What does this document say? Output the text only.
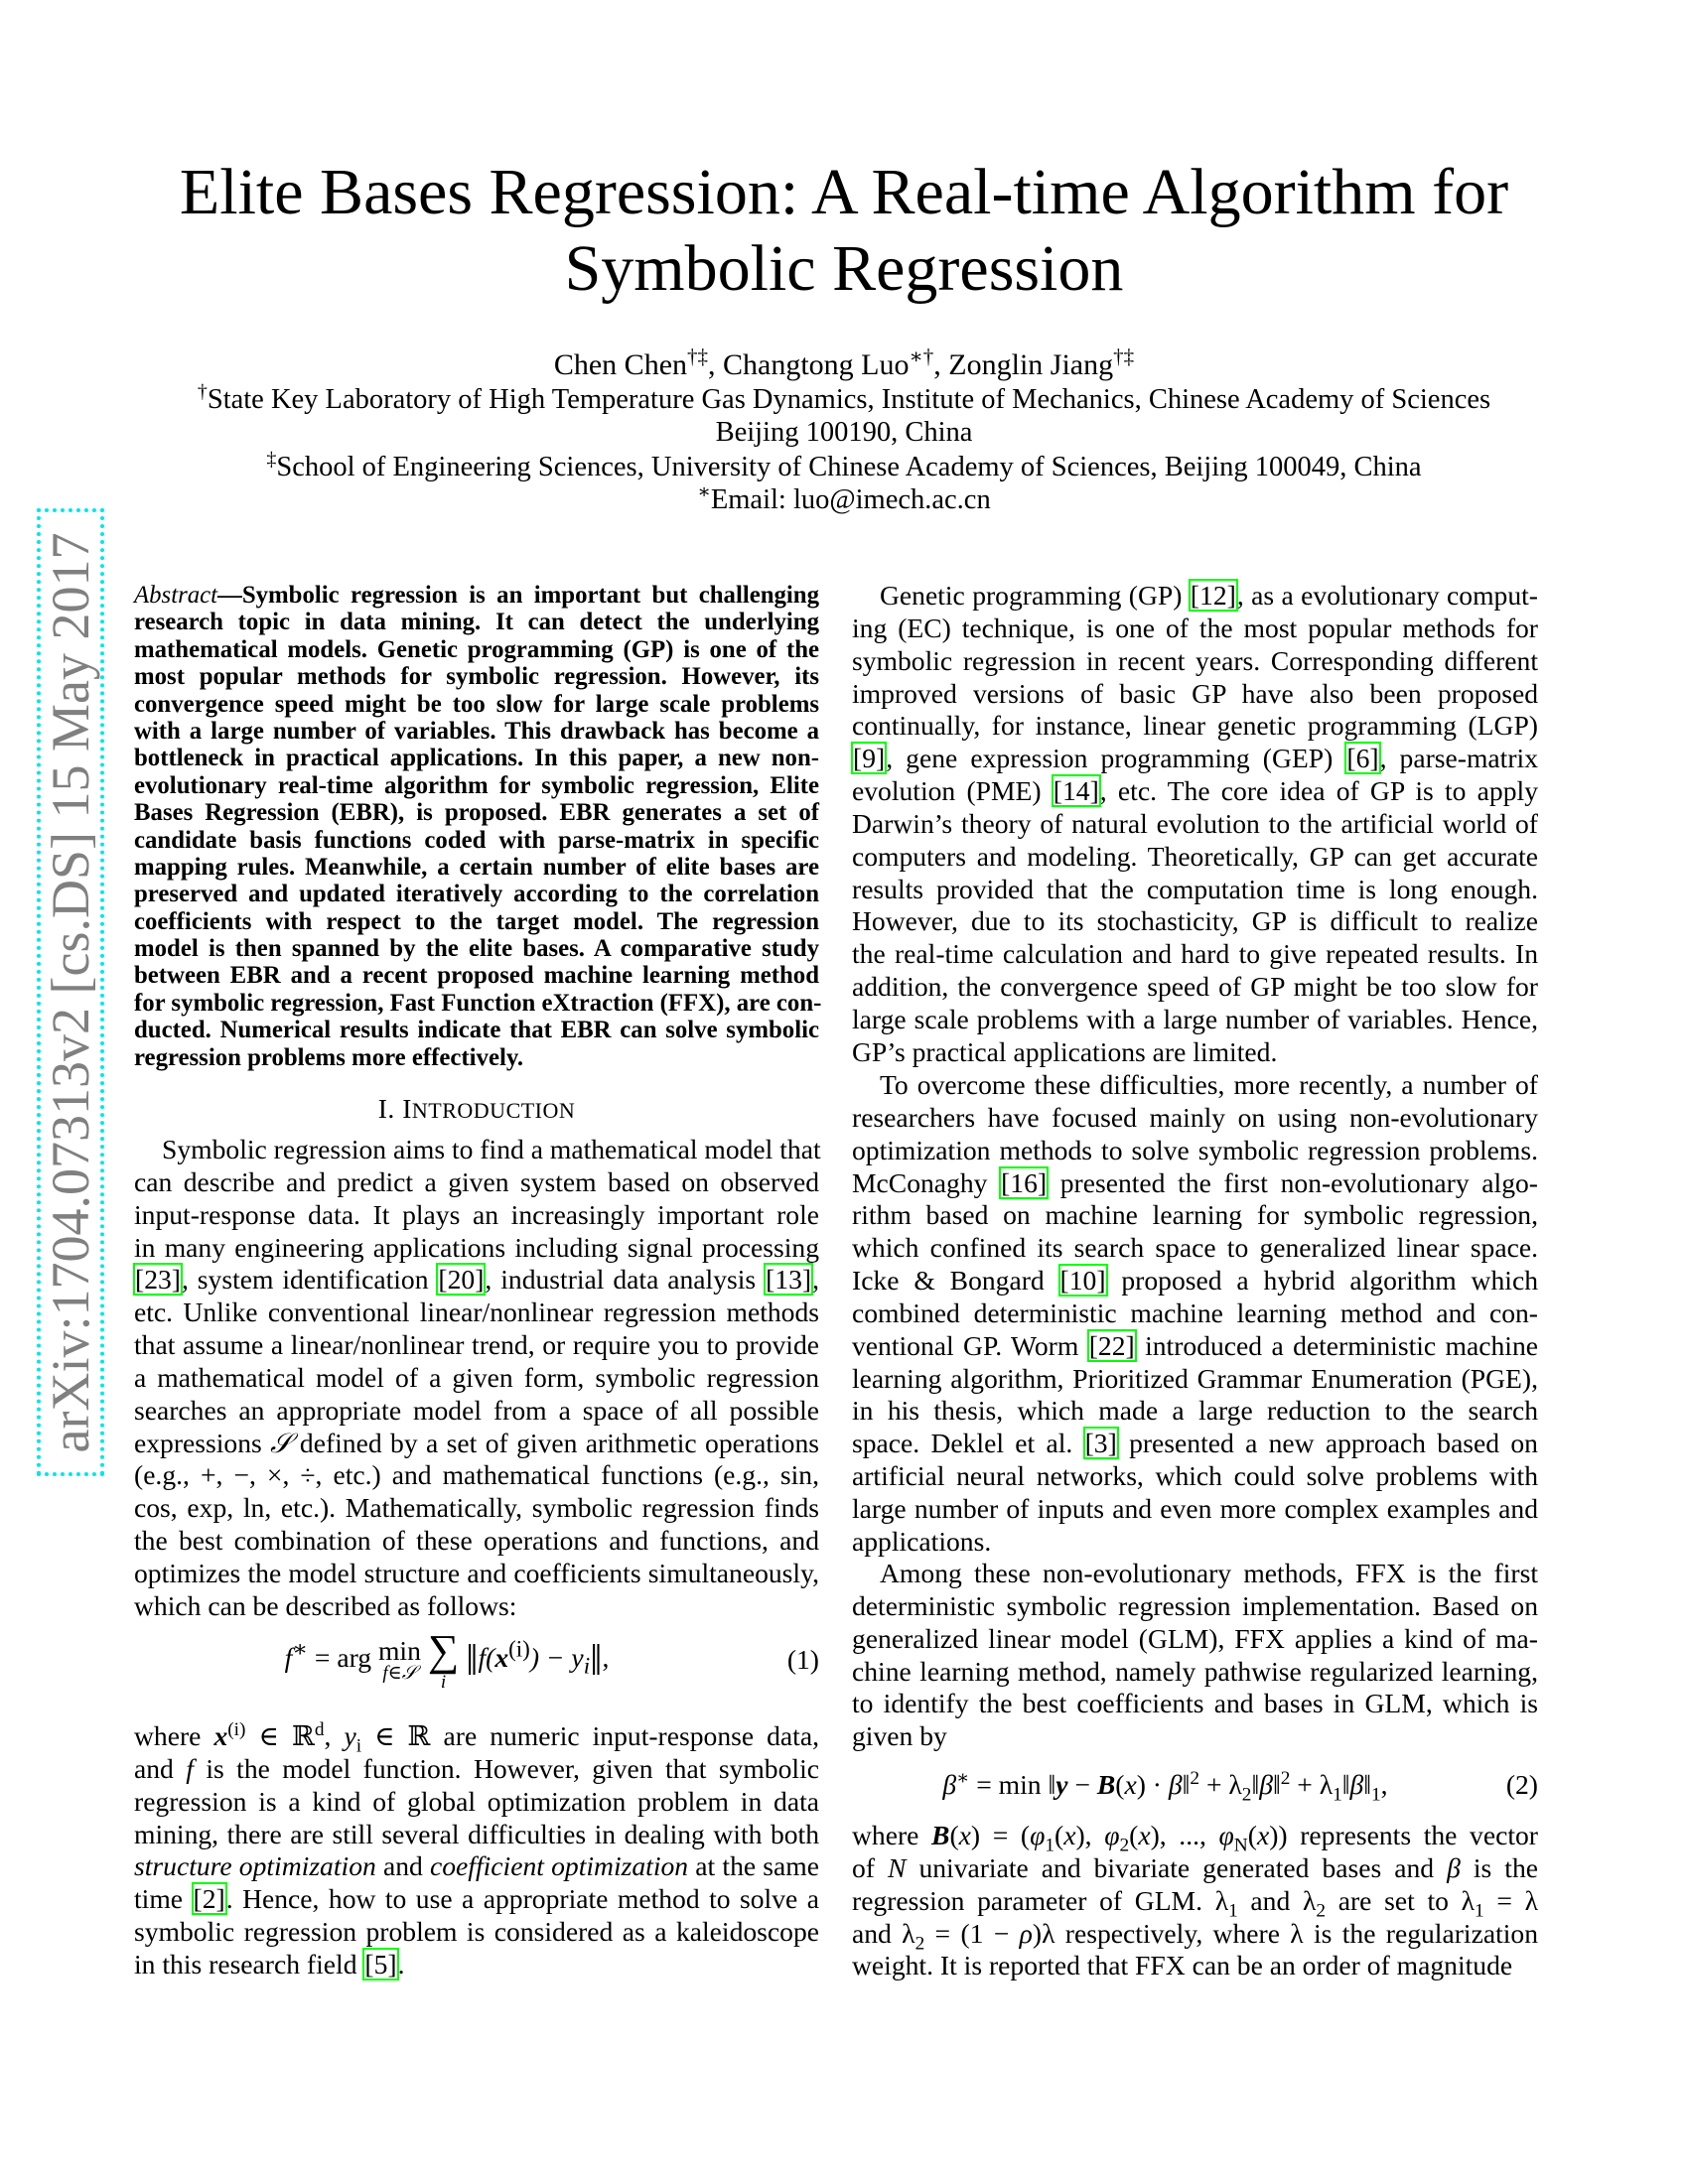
arXiv:1704.07313v2 [cs.DS] 15 May 2017
Elite Bases Regression: A Real-time Algorithm for
Symbolic Regression
Chen Chen†‡, Changtong Luo∗†, Zonglin Jiang†‡
†State Key Laboratory of High Temperature Gas Dynamics, Institute of Mechanics, Chinese Academy of Sciences
Beijing 100190, China
‡School of Engineering Sciences, University of Chinese Academy of Sciences, Beijing 100049, China
∗Email: luo@imech.ac.cn
Abstract—Symbolic regression is an important but challenging
research topic in data mining. It can detect the underlying
mathematical models. Genetic programming (GP) is one of the
most popular methods for symbolic regression. However, its
convergence speed might be too slow for large scale problems
with a large number of variables. This drawback has become a
bottleneck in practical applications. In this paper, a new non-
evolutionary real-time algorithm for symbolic regression, Elite
Bases Regression (EBR), is proposed. EBR generates a set of
candidate basis functions coded with parse-matrix in specific
mapping rules. Meanwhile, a certain number of elite bases are
preserved and updated iteratively according to the correlation
coefficients with respect to the target model. The regression
model is then spanned by the elite bases. A comparative study
between EBR and a recent proposed machine learning method
for symbolic regression, Fast Function eXtraction (FFX), are con-
ducted. Numerical results indicate that EBR can solve symbolic
regression problems more effectively.
I. INTRODUCTION
Symbolic regression aims to find a mathematical model that
can describe and predict a given system based on observed
input-response data. It plays an increasingly important role
in many engineering applications including signal processing
[23], system identification [20], industrial data analysis [13],
etc. Unlike conventional linear/nonlinear regression methods
that assume a linear/nonlinear trend, or require you to provide
a mathematical model of a given form, symbolic regression
searches an appropriate model from a space of all possible
expressions 𝒮 defined by a set of given arithmetic operations
(e.g., +, −, ×, ÷, etc.) and mathematical functions (e.g., sin,
cos, exp, ln, etc.). Mathematically, symbolic regression finds
the best combination of these operations and functions, and
optimizes the model structure and coefficients simultaneously,
which can be described as follows:
f∗ = arg min
f∈𝒮
∑
i $‖f(x^{(i)})$ − $y_i‖$,	(1)
where $x^{(i)}$ ∈ ℝ$^d$, $y_i$ ∈ ℝ are numeric input-response data,
and f is the model function. However, given that symbolic
regression is a kind of global optimization problem in data
mining, there are still several difficulties in dealing with both
structure optimization and coefficient optimization at the same
time [2]. Hence, how to use a appropriate method to solve a
symbolic regression problem is considered as a kaleidoscope
in this research field [5].
Genetic programming (GP) [12], as a evolutionary comput-
ing (EC) technique, is one of the most popular methods for
symbolic regression in recent years. Corresponding different
improved versions of basic GP have also been proposed
continually, for instance, linear genetic programming (LGP)
[9], gene expression programming (GEP) [6], parse-matrix
evolution (PME) [14], etc. The core idea of GP is to apply
Darwin’s theory of natural evolution to the artificial world of
computers and modeling. Theoretically, GP can get accurate
results provided that the computation time is long enough.
However, due to its stochasticity, GP is difficult to realize
the real-time calculation and hard to give repeated results. In
addition, the convergence speed of GP might be too slow for
large scale problems with a large number of variables. Hence,
GP’s practical applications are limited.
To overcome these difficulties, more recently, a number of
researchers have focused mainly on using non-evolutionary
optimization methods to solve symbolic regression problems.
McConaghy [16] presented the first non-evolutionary algo-
rithm based on machine learning for symbolic regression,
which confined its search space to generalized linear space.
Icke & Bongard [10] proposed a hybrid algorithm which
combined deterministic machine learning method and con-
ventional GP. Worm [22] introduced a deterministic machine
learning algorithm, Prioritized Grammar Enumeration (PGE),
in his thesis, which made a large reduction to the search
space. Deklel et al. [3] presented a new approach based on
artificial neural networks, which could solve problems with
large number of inputs and even more complex examples and
applications.
Among these non-evolutionary methods, FFX is the first
deterministic symbolic regression implementation. Based on
generalized linear model (GLM), FFX applies a kind of ma-
chine learning method, namely pathwise regularized learning,
to identify the best coefficients and bases in GLM, which is
given by
β∗ = min ‖y − B(x) · β‖$^2$ + $\lambda_2‖\beta‖^2$ + $\lambda_1‖\beta‖_1$,	(2)
where $B(x) = (\varphi_1(x)$, $\varphi_2(x)$, ..., $\varphi_N(x)$) represents the vector
of N univariate and bivariate generated bases and β is the
regression parameter of GLM. $\lambda_1$ and $\lambda_2$ are set to $\lambda_1 = \lambda$
and $\lambda_2 = (1 - \rho)\lambda$ respectively, where λ is the regularization
weight. It is reported that FFX can be an order of magnitude
